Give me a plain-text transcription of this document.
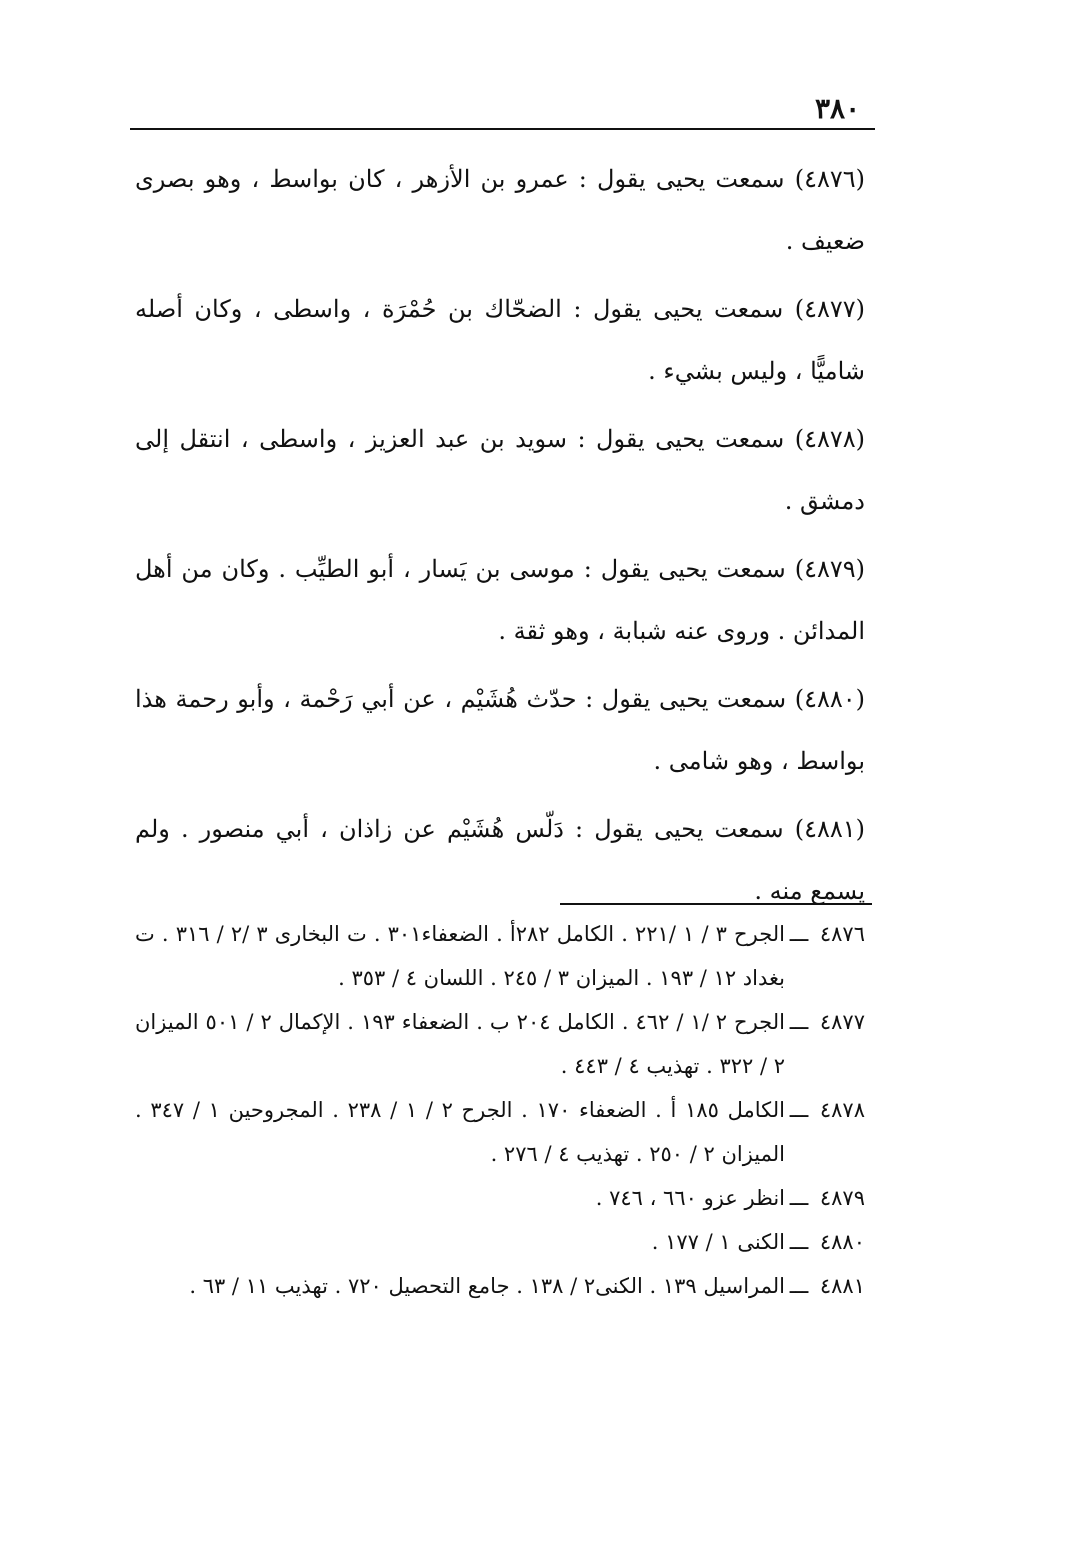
٣٨٠

(٤٨٧٦) سمعت يحيى يقول : عمرو بن الأزهر ، كان بواسط ، وهو بصرى ضعيف .

(٤٨٧٧) سمعت يحيى يقول : الضحّاك بن حُمْرَة ، واسطى ، وكان أصله شاميًّا ، وليس بشيء .

(٤٨٧٨) سمعت يحيى يقول : سويد بن عبد العزيز ، واسطى ، انتقل إلى دمشق .

(٤٨٧٩) سمعت يحيى يقول : موسى بن يَسار ، أبو الطيِّب . وكان من أهل المدائن . وروى عنه شبابة ، وهو ثقة .

(٤٨٨٠) سمعت يحيى يقول : حدّث هُشَيْم ، عن أبي رَحْمة ، وأبو رحمة هذا بواسط ، وهو شامى .

(٤٨٨١) سمعت يحيى يقول : دَلّس هُشَيْم عن زاذان ، أبي منصور . ولم يسمع منه .

٤٨٧٦
ـــ
الجرح ٣ / ١ /٢٢١ . الكامل ٢٨٢أ . الضعفاء٣٠١ . ت البخارى ٣ /٢ / ٣١٦ . ت بغداد ١٢ / ١٩٣ . الميزان ٣ / ٢٤٥ . اللسان ٤ / ٣٥٣ .
٤٨٧٧
ـــ
الجرح ٢ /١ / ٤٦٢ . الكامل ٢٠٤ ب . الضعفاء ١٩٣ . الإكمال ٢ / ٥٠١ الميزان ٢ / ٣٢٢ . تهذيب ٤ / ٤٤٣ .
٤٨٧٨
ـــ
الكامل ١٨٥ أ . الضعفاء ١٧٠ . الجرح ٢ / ١ / ٢٣٨ . المجروحين ١ / ٣٤٧ . الميزان ٢ / ٢٥٠ . تهذيب ٤ / ٢٧٦ .
٤٨٧٩
ـــ
انظر عزو ٦٦٠ ، ٧٤٦ .
٤٨٨٠
ـــ
الكنى ١ / ١٧٧ .
٤٨٨١
ـــ
المراسيل ١٣٩ . الكنى٢ / ١٣٨ . جامع التحصيل ٧٢٠ . تهذيب ١١ / ٦٣ .
